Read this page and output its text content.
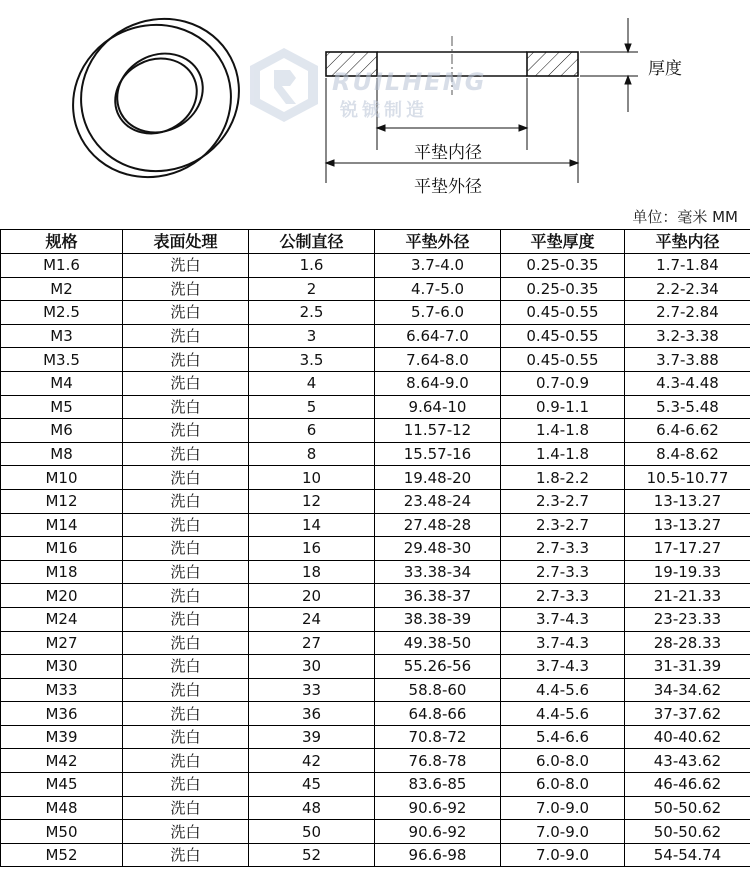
RUILHENG
锐铖制造
厚度
平垫内径
平垫外径
单位：毫米 MM
规格	表面处理	公制直径	平垫外径	平垫厚度	平垫内径
M1.6	洗白	1.6	3.7-4.0	0.25-0.35	1.7-1.84
M2	洗白	2	4.7-5.0	0.25-0.35	2.2-2.34
M2.5	洗白	2.5	5.7-6.0	0.45-0.55	2.7-2.84
M3	洗白	3	6.64-7.0	0.45-0.55	3.2-3.38
M3.5	洗白	3.5	7.64-8.0	0.45-0.55	3.7-3.88
M4	洗白	4	8.64-9.0	0.7-0.9	4.3-4.48
M5	洗白	5	9.64-10	0.9-1.1	5.3-5.48
M6	洗白	6	11.57-12	1.4-1.8	6.4-6.62
M8	洗白	8	15.57-16	1.4-1.8	8.4-8.62
M10	洗白	10	19.48-20	1.8-2.2	10.5-10.77
M12	洗白	12	23.48-24	2.3-2.7	13-13.27
M14	洗白	14	27.48-28	2.3-2.7	13-13.27
M16	洗白	16	29.48-30	2.7-3.3	17-17.27
M18	洗白	18	33.38-34	2.7-3.3	19-19.33
M20	洗白	20	36.38-37	2.7-3.3	21-21.33
M24	洗白	24	38.38-39	3.7-4.3	23-23.33
M27	洗白	27	49.38-50	3.7-4.3	28-28.33
M30	洗白	30	55.26-56	3.7-4.3	31-31.39
M33	洗白	33	58.8-60	4.4-5.6	34-34.62
M36	洗白	36	64.8-66	4.4-5.6	37-37.62
M39	洗白	39	70.8-72	5.4-6.6	40-40.62
M42	洗白	42	76.8-78	6.0-8.0	43-43.62
M45	洗白	45	83.6-85	6.0-8.0	46-46.62
M48	洗白	48	90.6-92	7.0-9.0	50-50.62
M50	洗白	50	90.6-92	7.0-9.0	50-50.62
M52	洗白	52	96.6-98	7.0-9.0	54-54.74
